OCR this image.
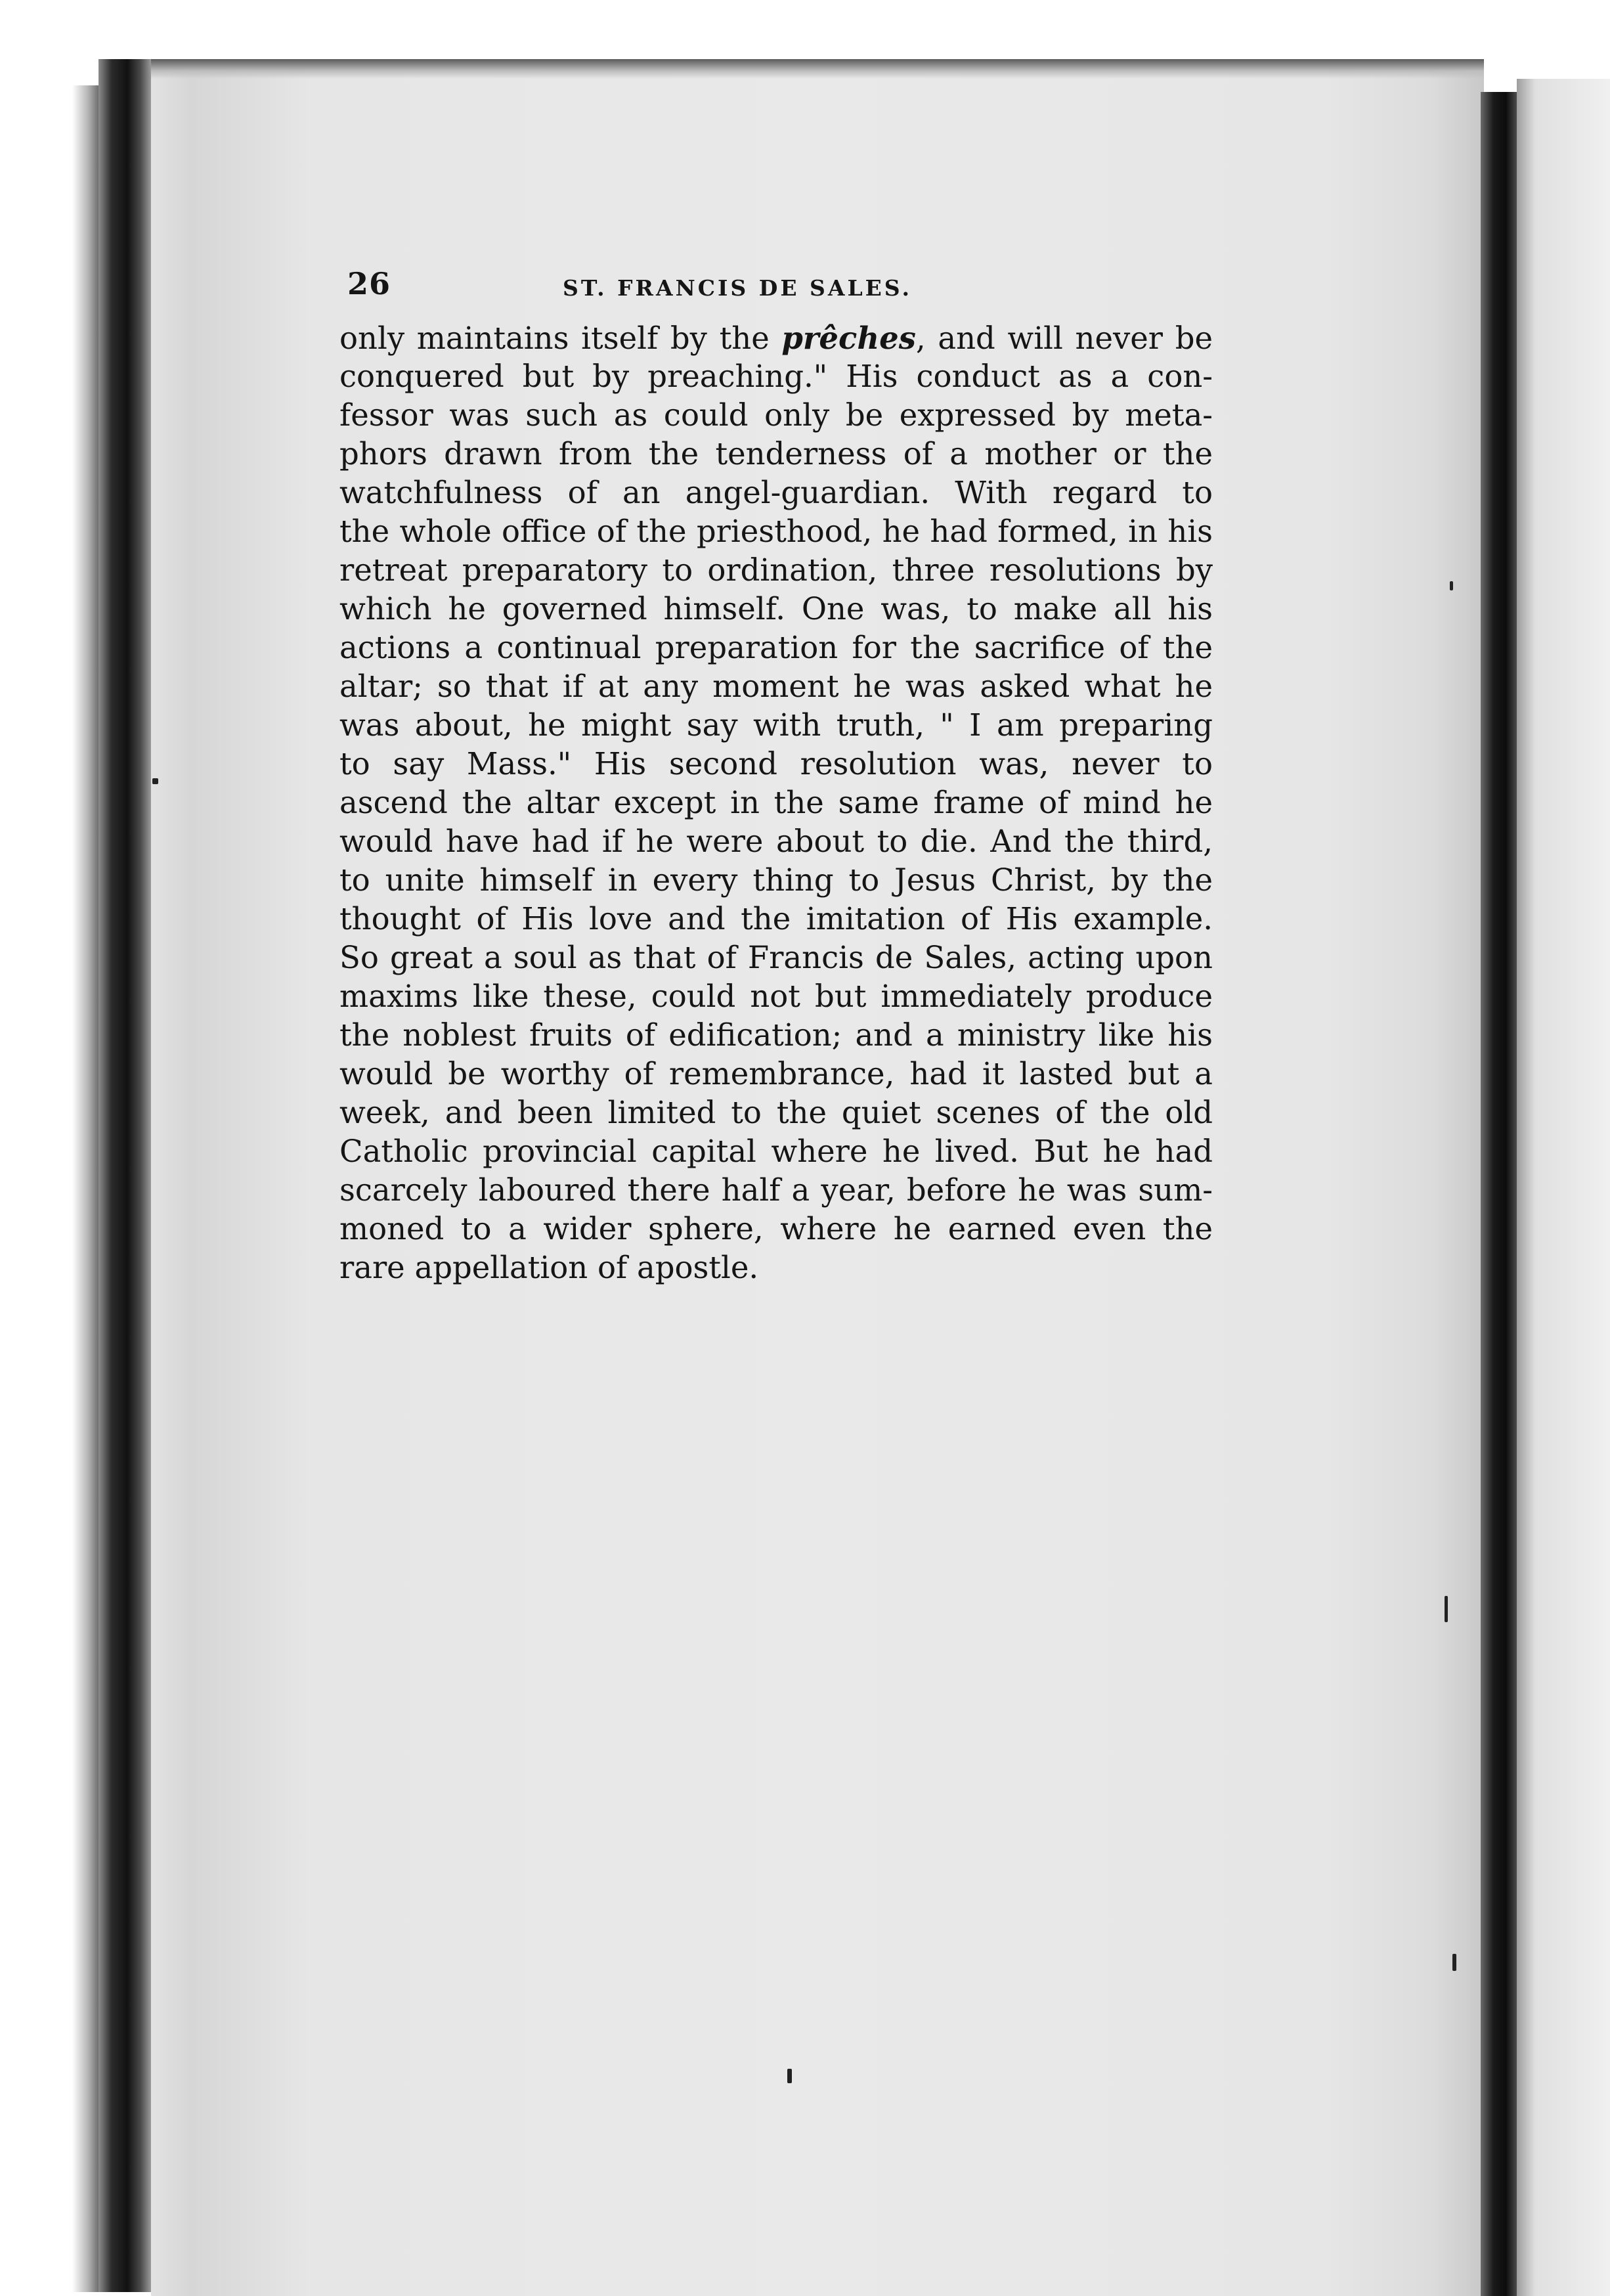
26	ST. FRANCIS DE SALES.
only maintains itself by the prêches, and will never be
conquered but by preaching." His conduct as a con-
fessor was such as could only be expressed by meta-
phors drawn from the tenderness of a mother or the
watchfulness of an angel-guardian. With regard to
the whole office of the priesthood, he had formed, in his
retreat preparatory to ordination, three resolutions by
which he governed himself. One was, to make all his
actions a continual preparation for the sacrifice of the
altar; so that if at any moment he was asked what he
was about, he might say with truth, " I am preparing
to say Mass." His second resolution was, never to
ascend the altar except in the same frame of mind he
would have had if he were about to die. And the third,
to unite himself in every thing to Jesus Christ, by the
thought of His love and the imitation of His example.
So great a soul as that of Francis de Sales, acting upon
maxims like these, could not but immediately produce
the noblest fruits of edification; and a ministry like his
would be worthy of remembrance, had it lasted but a
week, and been limited to the quiet scenes of the old
Catholic provincial capital where he lived. But he had
scarcely laboured there half a year, before he was sum-
moned to a wider sphere, where he earned even the
rare appellation of apostle.
